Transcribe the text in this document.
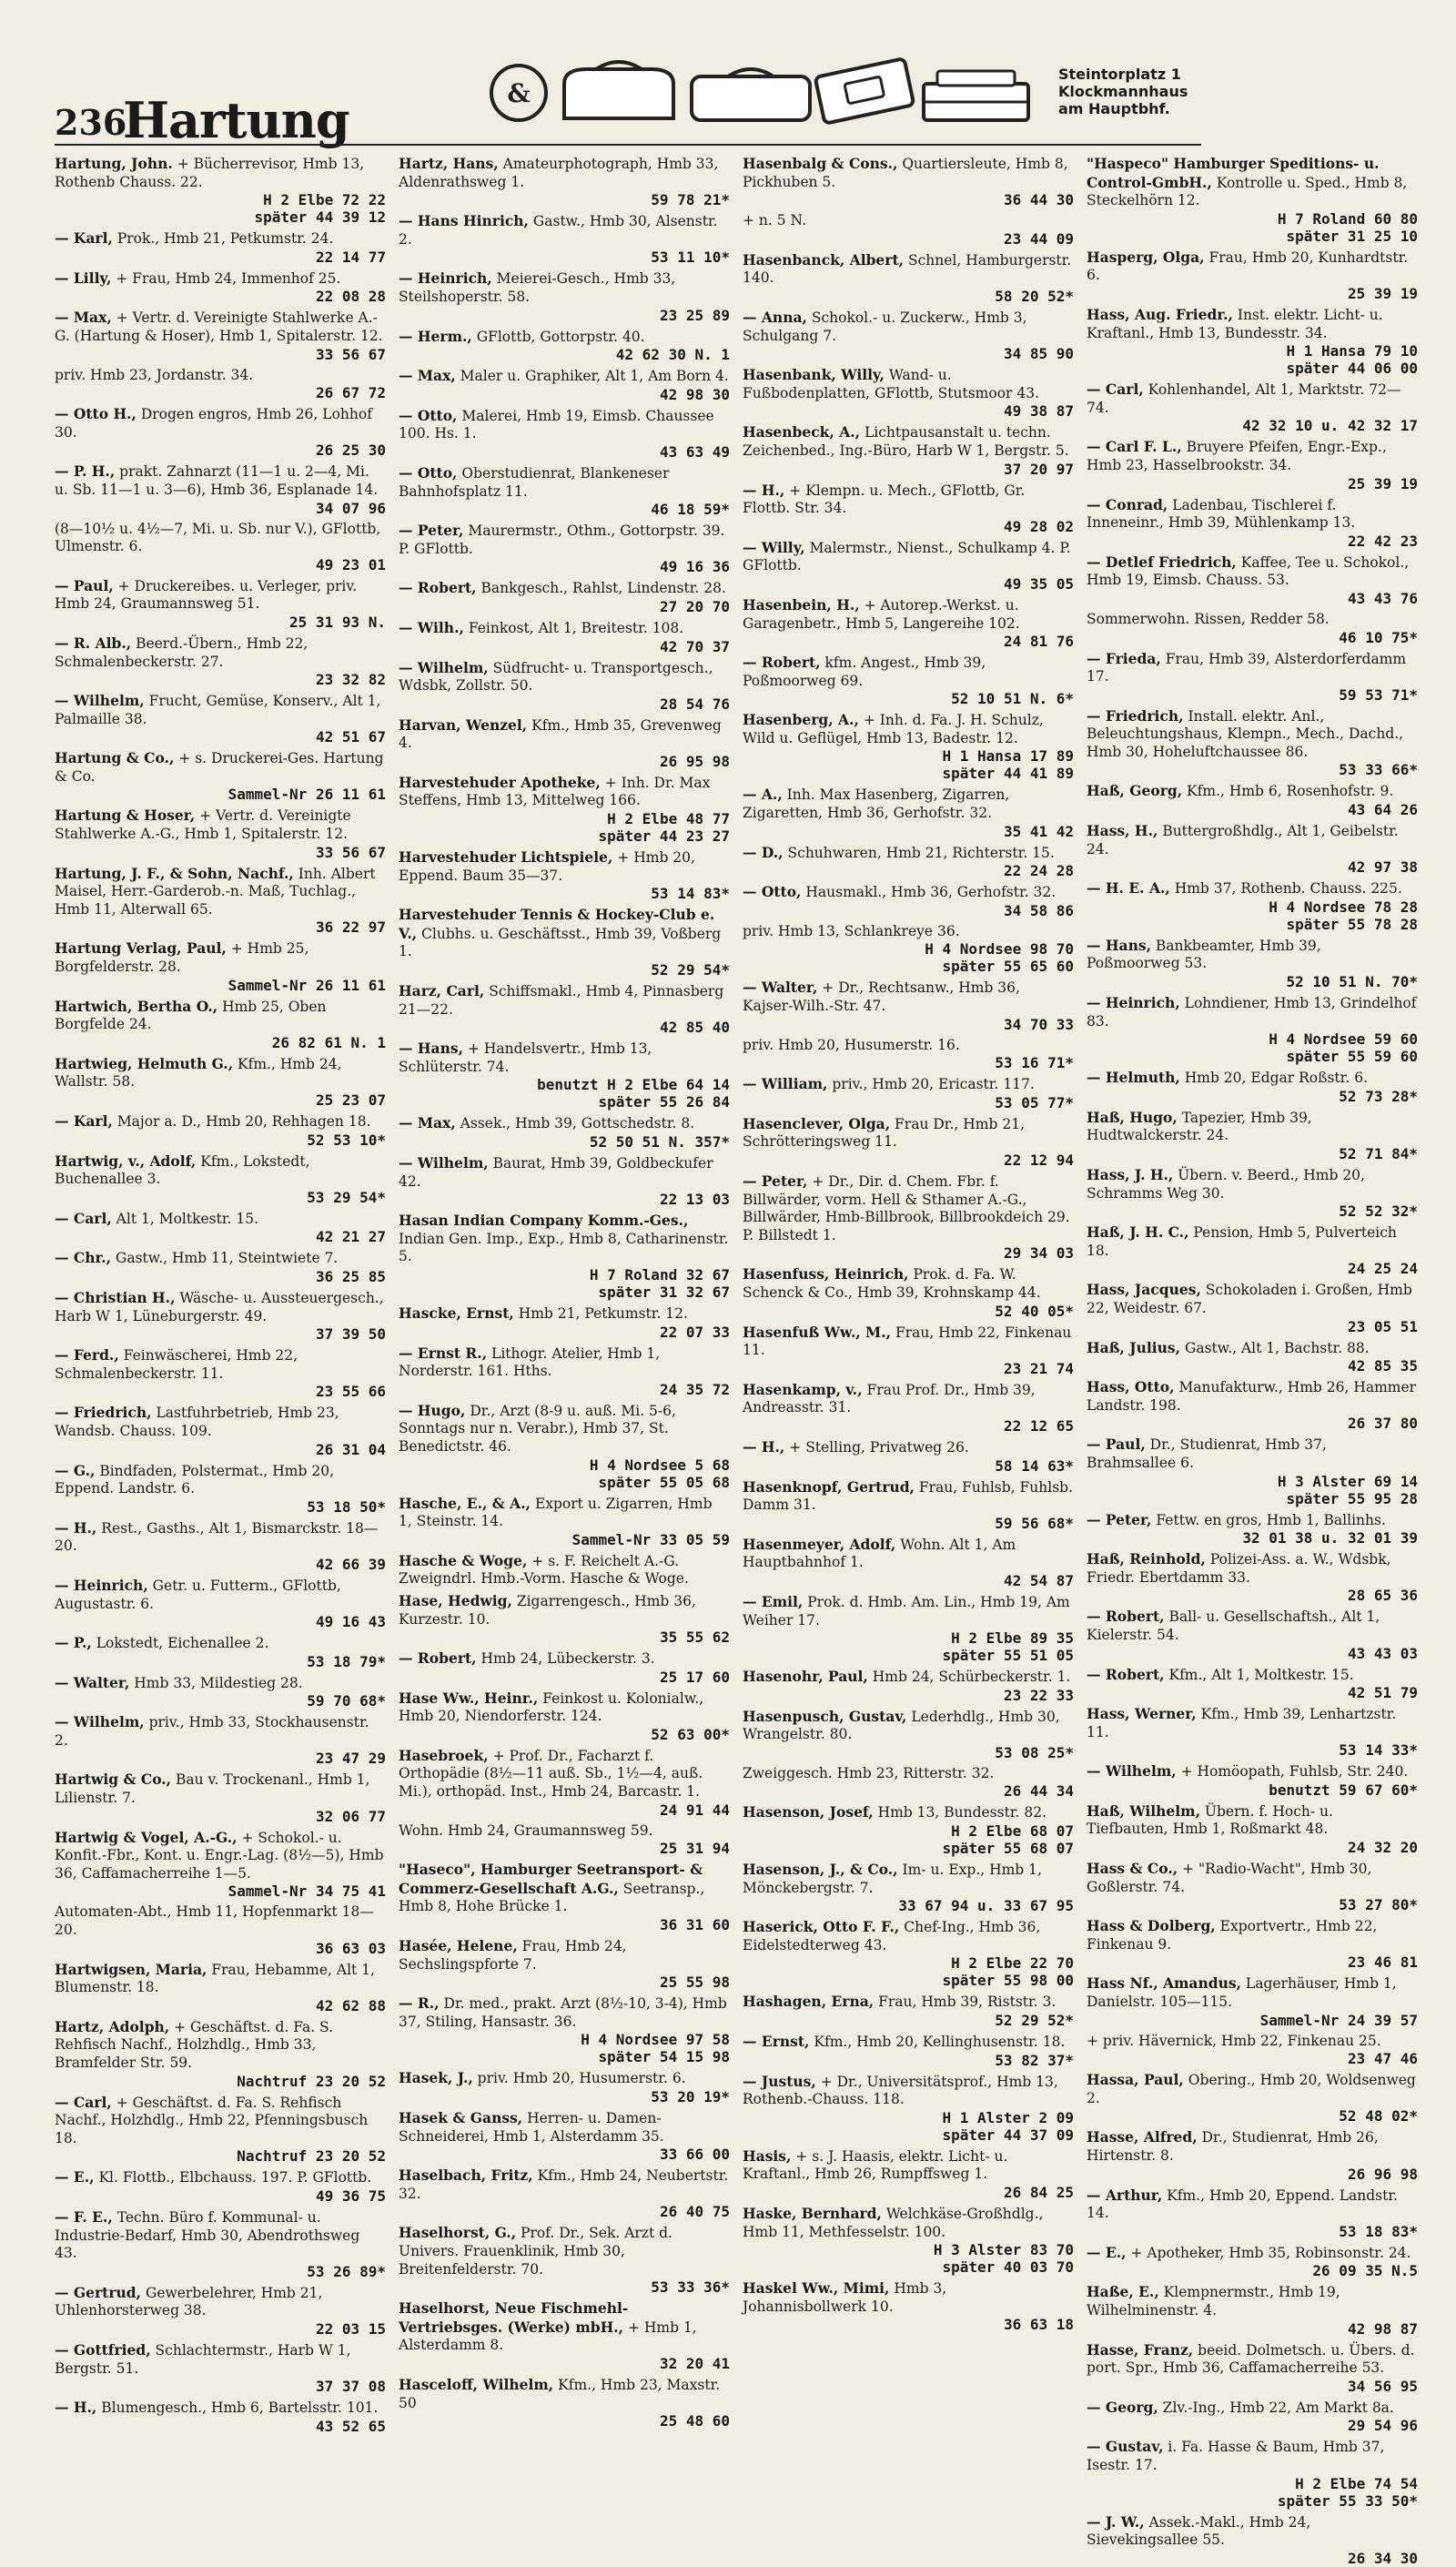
236
Hartung	&
Steintorplatz 1
Klockmannhaus
am Hauptbhf.
Hartung, John. + Bücherrevisor, Hmb 13, Rothenb Chauss. 22.
H 2 Elbe 72 22
später 44 39 12
— Karl, Prok., Hmb 21, Petkumstr. 24.
22 14 77
— Lilly, + Frau, Hmb 24, Immenhof 25.
22 08 28
— Max, + Vertr. d. Vereinigte Stahlwerke A.-G. (Hartung & Hoser), Hmb 1, Spitalerstr. 12.
33 56 67
priv. Hmb 23, Jordanstr. 34.
26 67 72
— Otto H., Drogen engros, Hmb 26, Lohhof 30.
26 25 30
— P. H., prakt. Zahnarzt (11—1 u. 2—4, Mi. u. Sb. 11—1 u. 3—6), Hmb 36, Esplanade 14.
34 07 96
(8—10½ u. 4½—7, Mi. u. Sb. nur V.), GFlottb, Ulmenstr. 6.
49 23 01
— Paul, + Druckereibes. u. Verleger, priv. Hmb 24, Graumannsweg 51.
25 31 93 N.
— R. Alb., Beerd.-Übern., Hmb 22, Schmalenbeckerstr. 27.
23 32 82
— Wilhelm, Frucht, Gemüse, Konserv., Alt 1, Palmaille 38.
42 51 67
Hartung & Co., + s. Druckerei-Ges. Hartung & Co.
Sammel-Nr 26 11 61
Hartung & Hoser, + Vertr. d. Vereinigte Stahlwerke A.-G., Hmb 1, Spitalerstr. 12.
33 56 67
Hartung, J. F., & Sohn, Nachf., Inh. Albert Maisel, Herr.-Garderob.-n. Maß, Tuchlag., Hmb 11, Alterwall 65.
36 22 97
Hartung Verlag, Paul, + Hmb 25, Borgfelderstr. 28.
Sammel-Nr 26 11 61
Hartwich, Bertha O., Hmb 25, Oben Borgfelde 24.
26 82 61 N. 1
Hartwieg, Helmuth G., Kfm., Hmb 24, Wallstr. 58.
25 23 07
— Karl, Major a. D., Hmb 20, Rehhagen 18.
52 53 10*
Hartwig, v., Adolf, Kfm., Lokstedt, Buchenallee 3.
53 29 54*
— Carl, Alt 1, Moltkestr. 15.
42 21 27
— Chr., Gastw., Hmb 11, Steintwiete 7.
36 25 85
— Christian H., Wäsche- u. Aussteuergesch., Harb W 1, Lüneburgerstr. 49.
37 39 50
— Ferd., Feinwäscherei, Hmb 22, Schmalenbeckerstr. 11.
23 55 66
— Friedrich, Lastfuhrbetrieb, Hmb 23, Wandsb. Chauss. 109.
26 31 04
— G., Bindfaden, Polstermat., Hmb 20, Eppend. Landstr. 6.
53 18 50*
— H., Rest., Gasths., Alt 1, Bismarckstr. 18—20.
42 66 39
— Heinrich, Getr. u. Futterm., GFlottb, Augustastr. 6.
49 16 43
— P., Lokstedt, Eichenallee 2.
53 18 79*
— Walter, Hmb 33, Mildestieg 28.
59 70 68*
— Wilhelm, priv., Hmb 33, Stockhausenstr. 2.
23 47 29
Hartwig & Co., Bau v. Trockenanl., Hmb 1, Lilienstr. 7.
32 06 77
Hartwig & Vogel, A.-G., + Schokol.- u. Konfit.-Fbr., Kont. u. Engr.-Lag. (8½—5), Hmb 36, Caffamacherreihe 1—5.
Sammel-Nr 34 75 41
Automaten-Abt., Hmb 11, Hopfenmarkt 18—20.
36 63 03
Hartwigsen, Maria, Frau, Hebamme, Alt 1, Blumenstr. 18.
42 62 88
Hartz, Adolph, + Geschäftst. d. Fa. S. Rehfisch Nachf., Holzhdlg., Hmb 33, Bramfelder Str. 59.
Nachtruf 23 20 52
— Carl, + Geschäftst. d. Fa. S. Rehfisch Nachf., Holzhdlg., Hmb 22, Pfenningsbusch 18.
Nachtruf 23 20 52
— E., Kl. Flottb., Elbchauss. 197. P. GFlottb.
49 36 75
— F. E., Techn. Büro f. Kommunal- u. Industrie-Bedarf, Hmb 30, Abendrothsweg 43.
53 26 89*
— Gertrud, Gewerbelehrer, Hmb 21, Uhlenhorsterweg 38.
22 03 15
— Gottfried, Schlachtermstr., Harb W 1, Bergstr. 51.
37 37 08
— H., Blumengesch., Hmb 6, Bartelsstr. 101.
43 52 65
Hartz, Hans, Amateurphotograph, Hmb 33, Aldenrathsweg 1.
59 78 21*
— Hans Hinrich, Gastw., Hmb 30, Alsenstr. 2.
53 11 10*
— Heinrich, Meierei-Gesch., Hmb 33, Steilshoperstr. 58.
23 25 89
— Herm., GFlottb, Gottorpstr. 40.
42 62 30 N. 1
— Max, Maler u. Graphiker, Alt 1, Am Born 4.
42 98 30
— Otto, Malerei, Hmb 19, Eimsb. Chaussee 100. Hs. 1.
43 63 49
— Otto, Oberstudienrat, Blankeneser Bahnhofsplatz 11.
46 18 59*
— Peter, Maurermstr., Othm., Gottorpstr. 39. P. GFlottb.
49 16 36
— Robert, Bankgesch., Rahlst, Lindenstr. 28.
27 20 70
— Wilh., Feinkost, Alt 1, Breitestr. 108.
42 70 37
— Wilhelm, Südfrucht- u. Transportgesch., Wdsbk, Zollstr. 50.
28 54 76
Harvan, Wenzel, Kfm., Hmb 35, Grevenweg 4.
26 95 98
Harvestehuder Apotheke, + Inh. Dr. Max Steffens, Hmb 13, Mittelweg 166.
H 2 Elbe 48 77
später 44 23 27
Harvestehuder Lichtspiele, + Hmb 20, Eppend. Baum 35—37.
53 14 83*
Harvestehuder Tennis & Hockey-Club e. V., Clubhs. u. Geschäftsst., Hmb 39, Voßberg 1.
52 29 54*
Harz, Carl, Schiffsmakl., Hmb 4, Pinnasberg 21—22.
42 85 40
— Hans, + Handelsvertr., Hmb 13, Schlüterstr. 74.
benutzt H 2 Elbe 64 14
später 55 26 84
— Max, Assek., Hmb 39, Gottschedstr. 8.
52 50 51 N. 357*
— Wilhelm, Baurat, Hmb 39, Goldbeckufer 42.
22 13 03
Hasan Indian Company Komm.-Ges., Indian Gen. Imp., Exp., Hmb 8, Catharinenstr. 5.
H 7 Roland 32 67
später 31 32 67
Hascke, Ernst, Hmb 21, Petkumstr. 12.
22 07 33
— Ernst R., Lithogr. Atelier, Hmb 1, Norderstr. 161. Hths.
24 35 72
— Hugo, Dr., Arzt (8-9 u. auß. Mi. 5-6, Sonntags nur n. Verabr.), Hmb 37, St. Benedictstr. 46.
H 4 Nordsee 5 68
später 55 05 68
Hasche, E., & A., Export u. Zigarren, Hmb 1, Steinstr. 14.
Sammel-Nr 33 05 59
Hasche & Woge, + s. F. Reichelt A.-G. Zweigndrl. Hmb.-Vorm. Hasche & Woge.
Hase, Hedwig, Zigarrengesch., Hmb 36, Kurzestr. 10.
35 55 62
— Robert, Hmb 24, Lübeckerstr. 3.
25 17 60
Hase Ww., Heinr., Feinkost u. Kolonialw., Hmb 20, Niendorferstr. 124.
52 63 00*
Hasebroek, + Prof. Dr., Facharzt f. Orthopädie (8½—11 auß. Sb., 1½—4, auß. Mi.), orthopäd. Inst., Hmb 24, Barcastr. 1.
24 91 44
Wohn. Hmb 24, Graumannsweg 59.
25 31 94
"Haseco", Hamburger Seetransport- & Commerz-Gesellschaft A.G., Seetransp., Hmb 8, Hohe Brücke 1.
36 31 60
Hasée, Helene, Frau, Hmb 24, Sechslingspforte 7.
25 55 98
— R., Dr. med., prakt. Arzt (8½-10, 3-4), Hmb 37, Stiling, Hansastr. 36.
H 4 Nordsee 97 58
später 54 15 98
Hasek, J., priv. Hmb 20, Husumerstr. 6.
53 20 19*
Hasek & Ganss, Herren- u. Damen-Schneiderei, Hmb 1, Alsterdamm 35.
33 66 00
Haselbach, Fritz, Kfm., Hmb 24, Neubertstr. 32.
26 40 75
Haselhorst, G., Prof. Dr., Sek. Arzt d. Univers. Frauenklinik, Hmb 30, Breitenfelderstr. 70.
53 33 36*
Haselhorst, Neue Fischmehl-Vertriebsges. (Werke) mbH., + Hmb 1, Alsterdamm 8.
32 20 41
Hasceloff, Wilhelm, Kfm., Hmb 23, Maxstr. 50
25 48 60
Hasenbalg & Cons., Quartiersleute, Hmb 8, Pickhuben 5.
36 44 30
+ n. 5 N.
23 44 09
Hasenbanck, Albert, Schnel, Hamburgerstr. 140.
58 20 52*
— Anna, Schokol.- u. Zuckerw., Hmb 3, Schulgang 7.
34 85 90
Hasenbank, Willy, Wand- u. Fußbodenplatten, GFlottb, Stutsmoor 43.
49 38 87
Hasenbeck, A., Lichtpausanstalt u. techn. Zeichenbed., Ing.-Büro, Harb W 1, Bergstr. 5.
37 20 97
— H., + Klempn. u. Mech., GFlottb, Gr. Flottb. Str. 34.
49 28 02
— Willy, Malermstr., Nienst., Schulkamp 4. P. GFlottb.
49 35 05
Hasenbein, H., + Autorep.-Werkst. u. Garagenbetr., Hmb 5, Langereihe 102.
24 81 76
— Robert, kfm. Angest., Hmb 39, Poßmoorweg 69.
52 10 51 N. 6*
Hasenberg, A., + Inh. d. Fa. J. H. Schulz, Wild u. Geflügel, Hmb 13, Badestr. 12.
H 1 Hansa 17 89
später 44 41 89
— A., Inh. Max Hasenberg, Zigarren, Zigaretten, Hmb 36, Gerhofstr. 32.
35 41 42
— D., Schuhwaren, Hmb 21, Richterstr. 15.
22 24 28
— Otto, Hausmakl., Hmb 36, Gerhofstr. 32.
34 58 86
priv. Hmb 13, Schlankreye 36.
H 4 Nordsee 98 70
später 55 65 60
— Walter, + Dr., Rechtsanw., Hmb 36, Kajser-Wilh.-Str. 47.
34 70 33
priv. Hmb 20, Husumerstr. 16.
53 16 71*
— William, priv., Hmb 20, Ericastr. 117.
53 05 77*
Hasenclever, Olga, Frau Dr., Hmb 21, Schrötteringsweg 11.
22 12 94
— Peter, + Dr., Dir. d. Chem. Fbr. f. Billwärder, vorm. Hell & Sthamer A.-G., Billwärder, Hmb-Billbrook, Billbrookdeich 29. P. Billstedt 1.
29 34 03
Hasenfuss, Heinrich, Prok. d. Fa. W. Schenck & Co., Hmb 39, Krohnskamp 44.
52 40 05*
Hasenfuß Ww., M., Frau, Hmb 22, Finkenau 11.
23 21 74
Hasenkamp, v., Frau Prof. Dr., Hmb 39, Andreasstr. 31.
22 12 65
— H., + Stelling, Privatweg 26.
58 14 63*
Hasenknopf, Gertrud, Frau, Fuhlsb, Fuhlsb. Damm 31.
59 56 68*
Hasenmeyer, Adolf, Wohn. Alt 1, Am Hauptbahnhof 1.
42 54 87
— Emil, Prok. d. Hmb. Am. Lin., Hmb 19, Am Weiher 17.
H 2 Elbe 89 35
später 55 51 05
Hasenohr, Paul, Hmb 24, Schürbeckerstr. 1.
23 22 33
Hasenpusch, Gustav, Lederhdlg., Hmb 30, Wrangelstr. 80.
53 08 25*
Zweiggesch. Hmb 23, Ritterstr. 32.
26 44 34
Hasenson, Josef, Hmb 13, Bundesstr. 82.
H 2 Elbe 68 07
später 55 68 07
Hasenson, J., & Co., Im- u. Exp., Hmb 1, Mönckebergstr. 7.
33 67 94 u. 33 67 95
Haserick, Otto F. F., Chef-Ing., Hmb 36, Eidelstedterweg 43.
H 2 Elbe 22 70
später 55 98 00
Hashagen, Erna, Frau, Hmb 39, Riststr. 3.
52 29 52*
— Ernst, Kfm., Hmb 20, Kellinghusenstr. 18.
53 82 37*
— Justus, + Dr., Universitätsprof., Hmb 13, Rothenb.-Chauss. 118.
H 1 Alster 2 09
später 44 37 09
Hasis, + s. J. Haasis, elektr. Licht- u. Kraftanl., Hmb 26, Rumpffsweg 1.
26 84 25
Haske, Bernhard, Welchkäse-Großhdlg., Hmb 11, Methfesselstr. 100.
H 3 Alster 83 70
später 40 03 70
Haskel Ww., Mimi, Hmb 3, Johannisbollwerk 10.
36 63 18
"Haspeco" Hamburger Speditions- u. Control-GmbH., Kontrolle u. Sped., Hmb 8, Steckelhörn 12.
H 7 Roland 60 80
später 31 25 10
Hasperg, Olga, Frau, Hmb 20, Kunhardtstr. 6.
25 39 19
Hass, Aug. Friedr., Inst. elektr. Licht- u. Kraftanl., Hmb 13, Bundesstr. 34.
H 1 Hansa 79 10
später 44 06 00
— Carl, Kohlenhandel, Alt 1, Marktstr. 72—74.
42 32 10 u. 42 32 17
— Carl F. L., Bruyere Pfeifen, Engr.-Exp., Hmb 23, Hasselbrookstr. 34.
25 39 19
— Conrad, Ladenbau, Tischlerei f. Inneneinr., Hmb 39, Mühlenkamp 13.
22 42 23
— Detlef Friedrich, Kaffee, Tee u. Schokol., Hmb 19, Eimsb. Chauss. 53.
43 43 76
Sommerwohn. Rissen, Redder 58.
46 10 75*
— Frieda, Frau, Hmb 39, Alsterdorferdamm 17.
59 53 71*
— Friedrich, Install. elektr. Anl., Beleuchtungshaus, Klempn., Mech., Dachd., Hmb 30, Hoheluftchaussee 86.
53 33 66*
Haß, Georg, Kfm., Hmb 6, Rosenhofstr. 9.
43 64 26
Hass, H., Buttergroßhdlg., Alt 1, Geibelstr. 24.
42 97 38
— H. E. A., Hmb 37, Rothenb. Chauss. 225.
H 4 Nordsee 78 28
später 55 78 28
— Hans, Bankbeamter, Hmb 39, Poßmoorweg 53.
52 10 51 N. 70*
— Heinrich, Lohndiener, Hmb 13, Grindelhof 83.
H 4 Nordsee 59 60
später 55 59 60
— Helmuth, Hmb 20, Edgar Roßstr. 6.
52 73 28*
Haß, Hugo, Tapezier, Hmb 39, Hudtwalckerstr. 24.
52 71 84*
Hass, J. H., Übern. v. Beerd., Hmb 20, Schramms Weg 30.
52 52 32*
Haß, J. H. C., Pension, Hmb 5, Pulverteich 18.
24 25 24
Hass, Jacques, Schokoladen i. Großen, Hmb 22, Weidestr. 67.
23 05 51
Haß, Julius, Gastw., Alt 1, Bachstr. 88.
42 85 35
Hass, Otto, Manufakturw., Hmb 26, Hammer Landstr. 198.
26 37 80
— Paul, Dr., Studienrat, Hmb 37, Brahmsallee 6.
H 3 Alster 69 14
später 55 95 28
— Peter, Fettw. en gros, Hmb 1, Ballinhs.
32 01 38 u. 32 01 39
Haß, Reinhold, Polizei-Ass. a. W., Wdsbk, Friedr. Ebertdamm 33.
28 65 36
— Robert, Ball- u. Gesellschaftsh., Alt 1, Kielerstr. 54.
43 43 03
— Robert, Kfm., Alt 1, Moltkestr. 15.
42 51 79
Hass, Werner, Kfm., Hmb 39, Lenhartzstr. 11.
53 14 33*
— Wilhelm, + Homöopath, Fuhlsb, Str. 240.
benutzt 59 67 60*
Haß, Wilhelm, Übern. f. Hoch- u. Tiefbauten, Hmb 1, Roßmarkt 48.
24 32 20
Hass & Co., + "Radio-Wacht", Hmb 30, Goßlerstr. 74.
53 27 80*
Hass & Dolberg, Exportvertr., Hmb 22, Finkenau 9.
23 46 81
Hass Nf., Amandus, Lagerhäuser, Hmb 1, Danielstr. 105—115.
Sammel-Nr 24 39 57
+ priv. Hävernick, Hmb 22, Finkenau 25.
23 47 46
Hassa, Paul, Obering., Hmb 20, Woldsenweg 2.
52 48 02*
Hasse, Alfred, Dr., Studienrat, Hmb 26, Hirtenstr. 8.
26 96 98
— Arthur, Kfm., Hmb 20, Eppend. Landstr. 14.
53 18 83*
— E., + Apotheker, Hmb 35, Robinsonstr. 24.
26 09 35 N.5
Haße, E., Klempnermstr., Hmb 19, Wilhelminenstr. 4.
42 98 87
Hasse, Franz, beeid. Dolmetsch. u. Übers. d. port. Spr., Hmb 36, Caffamacherreihe 53.
34 56 95
— Georg, Zlv.-Ing., Hmb 22, Am Markt 8a.
29 54 96
— Gustav, i. Fa. Hasse & Baum, Hmb 37, Isestr. 17.
H 2 Elbe 74 54
später 55 33 50*
— J. W., Assek.-Makl., Hmb 24, Sievekingsallee 55.
26 34 30
